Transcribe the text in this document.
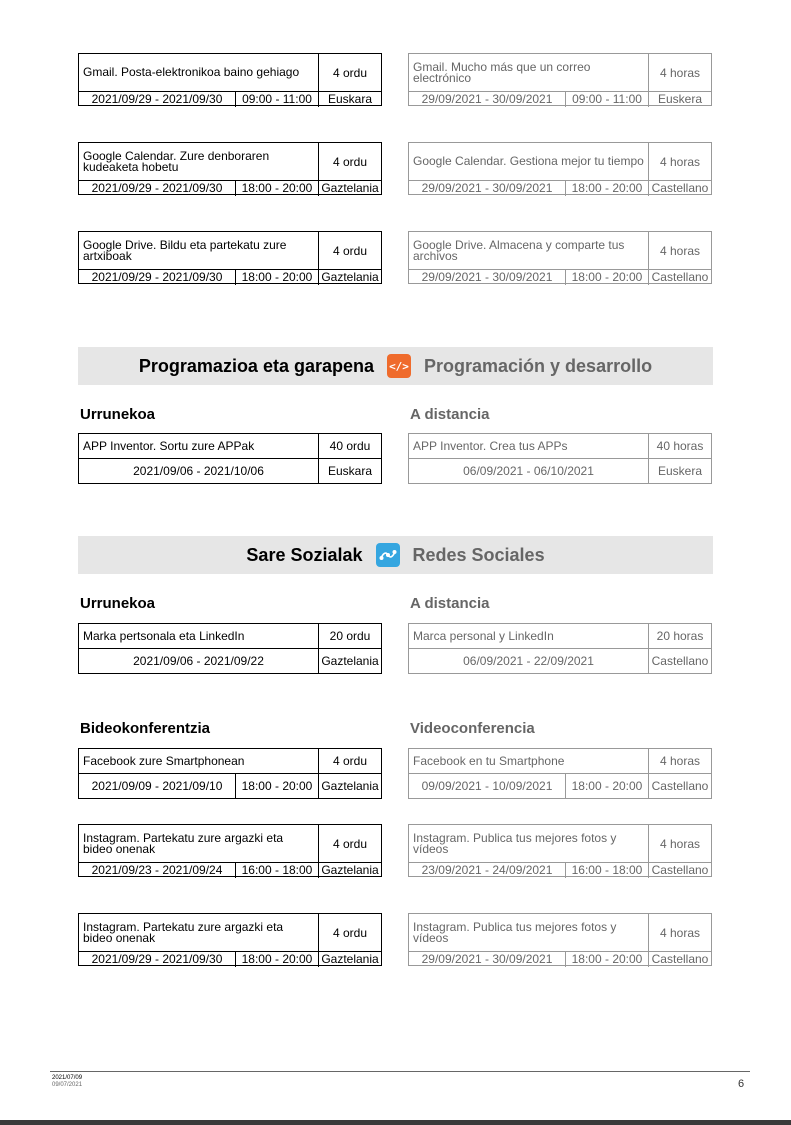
Gmail. Posta-elektronikoa baino gehiago	4 ordu
2021/09/29 - 2021/09/30	09:00 - 11:00	Euskara
Gmail. Mucho más que un correo electrónico	4 horas
29/09/2021 - 30/09/2021	09:00 - 11:00	Euskera
Google Calendar. Zure denboraren kudeaketa hobetu	4 ordu
2021/09/29 - 2021/09/30	18:00 - 20:00 Gaztelania
Google Calendar. Gestiona mejor tu tiempo	4 horas
29/09/2021 - 30/09/2021	18:00 - 20:00 Castellano
Google Drive. Bildu eta partekatu zure artxiboak	4 ordu
2021/09/29 - 2021/09/30	18:00 - 20:00 Gaztelania
Google Drive. Almacena y comparte tus archivos	4 horas
29/09/2021 - 30/09/2021	18:00 - 20:00 Castellano
Programazioa eta garapena </> Programación y desarrollo
Urrunekoa	A distancia
APP Inventor. Sortu zure APPak	40 ordu
2021/09/06 - 2021/10/06	Euskara
APP Inventor. Crea tus APPs	40 horas
06/09/2021 - 06/10/2021	Euskera
Sare Sozialak	Redes Sociales
Urrunekoa	A distancia
Marka pertsonala eta LinkedIn	20 ordu
2021/09/06 - 2021/09/22	Gaztelania
Marca personal y LinkedIn	20 horas
06/09/2021 - 22/09/2021	Castellano
Bideokonferentzia	Videoconferencia
Facebook zure Smartphonean	4 ordu
2021/09/09 - 2021/09/10	18:00 - 20:00 Gaztelania
Facebook en tu Smartphone	4 horas
09/09/2021 - 10/09/2021	18:00 - 20:00 Castellano
Instagram. Partekatu zure argazki eta bideo onenak	4 ordu
2021/09/23 - 2021/09/24	16:00 - 18:00 Gaztelania
Instagram. Publica tus mejores fotos y vídeos	4 horas
23/09/2021 - 24/09/2021	16:00 - 18:00 Castellano
Instagram. Partekatu zure argazki eta bideo onenak	4 ordu
2021/09/29 - 2021/09/30	18:00 - 20:00 Gaztelania
Instagram. Publica tus mejores fotos y vídeos	4 horas
29/09/2021 - 30/09/2021	18:00 - 20:00 Castellano
2021/07/09
09/07/2021	6
